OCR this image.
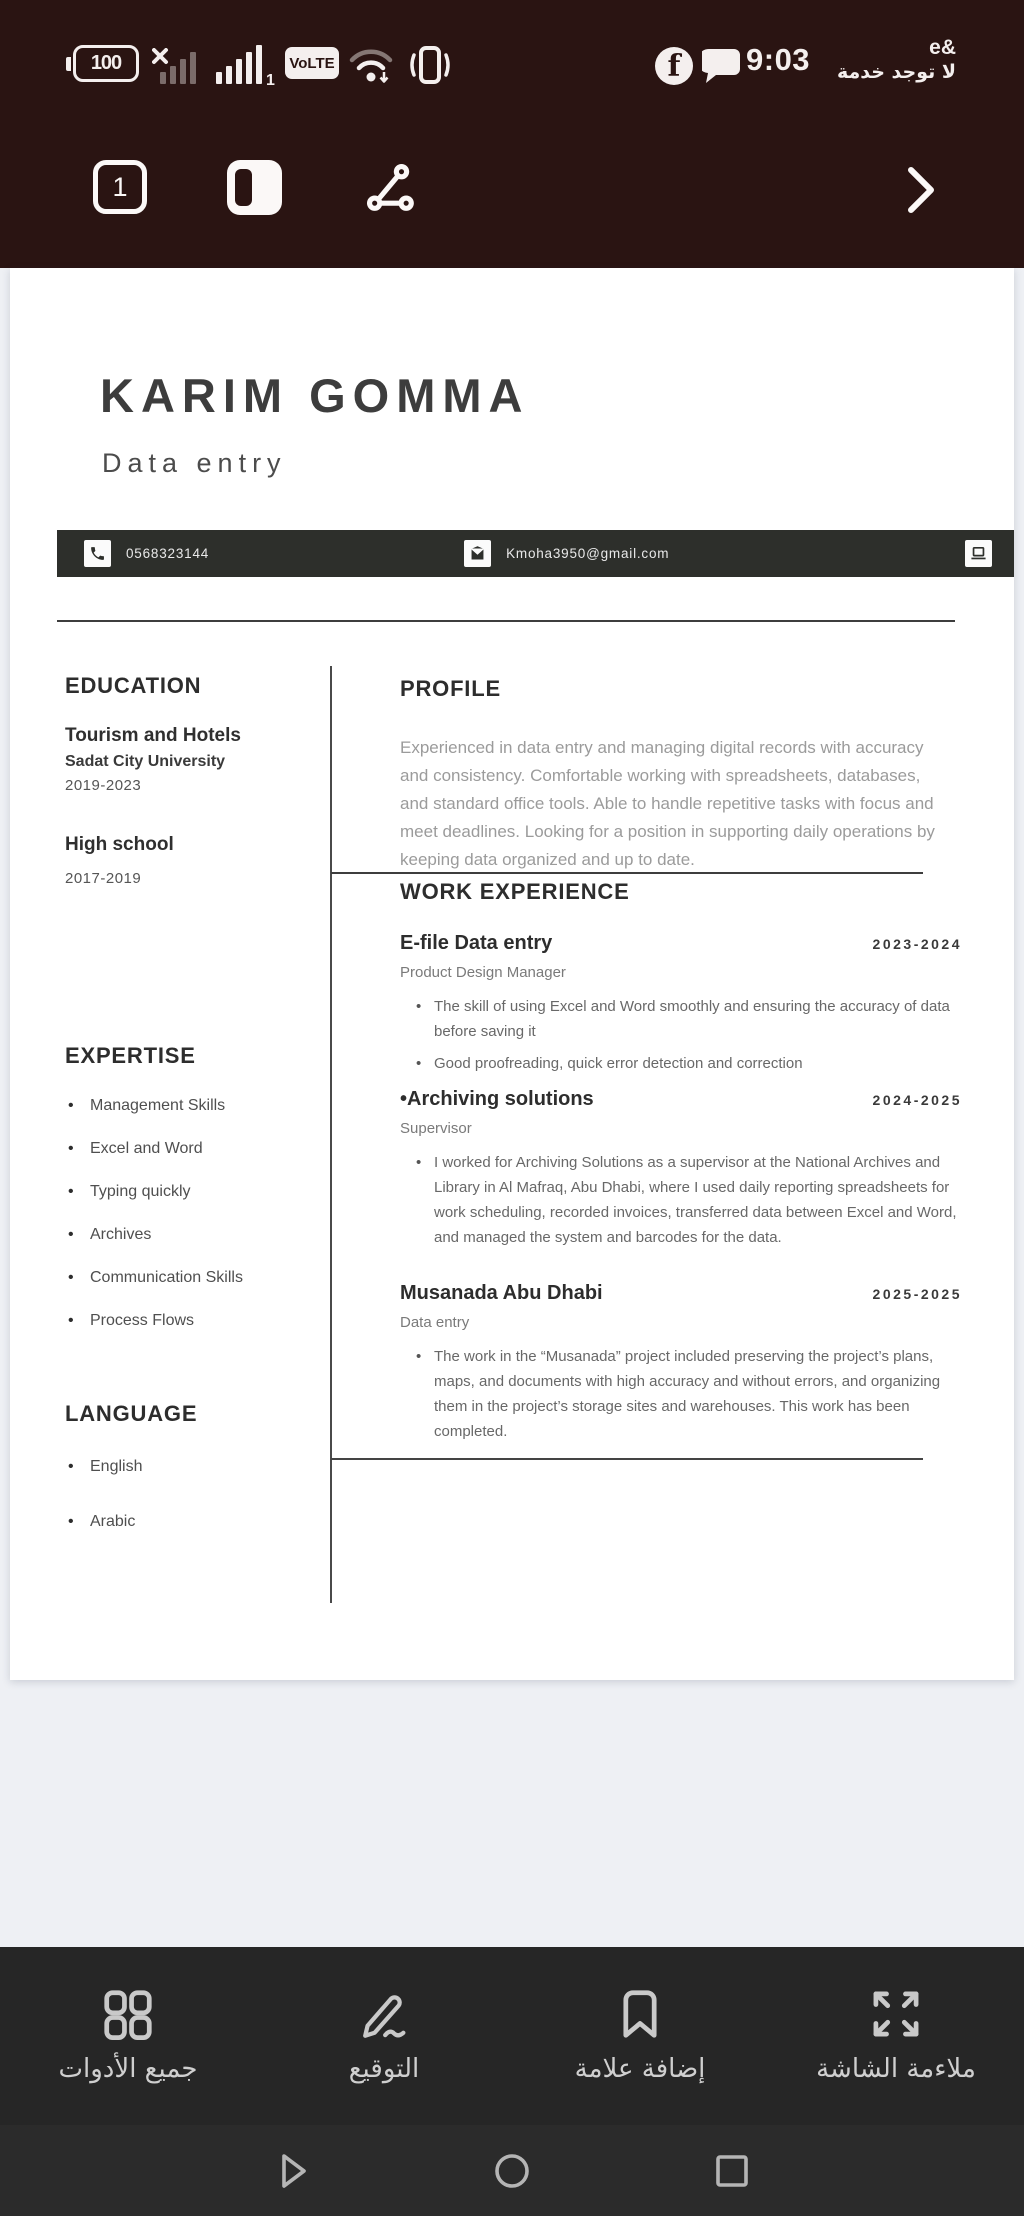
100
1
VoLTE	f	9:03	e&
لا توجد خدمة
1
KARIM GOMMA
Data entry
0568323144	Kmoha3950@gmail.com
EDUCATION
Tourism and Hotels
Sadat City University
2019-2023
High school
2017-2019
EXPERTISE
• Management Skills
• Excel and Word
• Typing quickly
• Archives
• Communication Skills
• Process Flows
LANGUAGE
• English
• Arabic
PROFILE
Experienced in data entry and managing digital records with accuracy and consistency. Comfortable working with spreadsheets, databases, and standard office tools. Able to handle repetitive tasks with focus and meet deadlines. Looking for a position in supporting daily operations by keeping data organized and up to date.
WORK EXPERIENCE
E-file Data entry	2023-2024
Product Design Manager
• The skill of using Excel and Word smoothly and ensuring the accuracy of data before saving it
• Good proofreading, quick error detection and correction
•Archiving solutions	2024-2025
Supervisor
• I worked for Archiving Solutions as a supervisor at the National Archives and Library in Al Mafraq, Abu Dhabi, where I used daily reporting spreadsheets for work scheduling, recorded invoices, transferred data between Excel and Word, and managed the system and barcodes for the data.
Musanada Abu Dhabi	2025-2025
Data entry
• The work in the “Musanada” project included preserving the project’s plans, maps, and documents with high accuracy and without errors, and organizing them in the project’s storage sites and warehouses. This work has been completed.
جميع الأدوات	التوقيع	إضافة علامة	ملاءمة الشاشة
